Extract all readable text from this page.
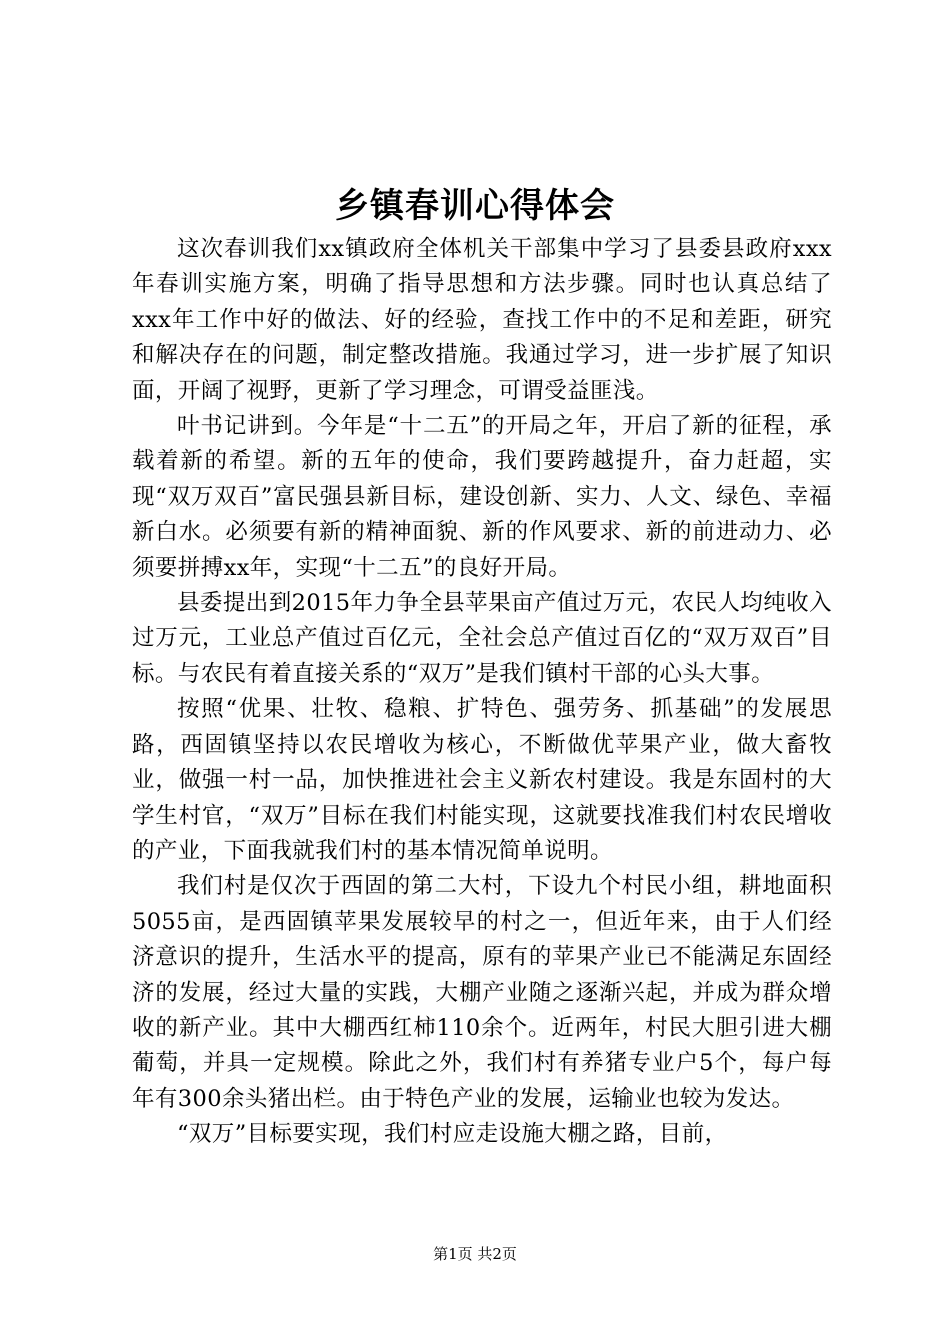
乡镇春训心得体会

这次春训我们xx镇政府全体机关干部集中学习了县委县政府xxx年春训实施方案，明确了指导思想和方法步骤。同时也认真总结了xxx年工作中好的做法、好的经验，查找工作中的不足和差距，研究和解决存在的问题，制定整改措施。我通过学习，进一步扩展了知识面，开阔了视野，更新了学习理念，可谓受益匪浅。

叶书记讲到。今年是“十二五”的开局之年，开启了新的征程，承载着新的希望。新的五年的使命，我们要跨越提升，奋力赶超，实现“双万双百”富民强县新目标，建设创新、实力、人文、绿色、幸福新白水。必须要有新的精神面貌、新的作风要求、新的前进动力、必须要拼搏xx年，实现“十二五”的良好开局。

县委提出到2015年力争全县苹果亩产值过万元，农民人均纯收入过万元，工业总产值过百亿元，全社会总产值过百亿的“双万双百”目标。与农民有着直接关系的“双万”是我们镇村干部的心头大事。

按照“优果、壮牧、稳粮、扩特色、强劳务、抓基础”的发展思路，西固镇坚持以农民增收为核心，不断做优苹果产业，做大畜牧业，做强一村一品，加快推进社会主义新农村建设。我是东固村的大学生村官，“双万”目标在我们村能实现，这就要找准我们村农民增收的产业，下面我就我们村的基本情况简单说明。

我们村是仅次于西固的第二大村，下设九个村民小组，耕地面积5055亩，是西固镇苹果发展较早的村之一，但近年来，由于人们经济意识的提升，生活水平的提高，原有的苹果产业已不能满足东固经济的发展，经过大量的实践，大棚产业随之逐渐兴起，并成为群众增收的新产业。其中大棚西红柿110余个。近两年，村民大胆引进大棚葡萄，并具一定规模。除此之外，我们村有养猪专业户5个，每户每年有300余头猪出栏。由于特色产业的发展，运输业也较为发达。

“双万”目标要实现，我们村应走设施大棚之路，目前，

第1页 共2页
